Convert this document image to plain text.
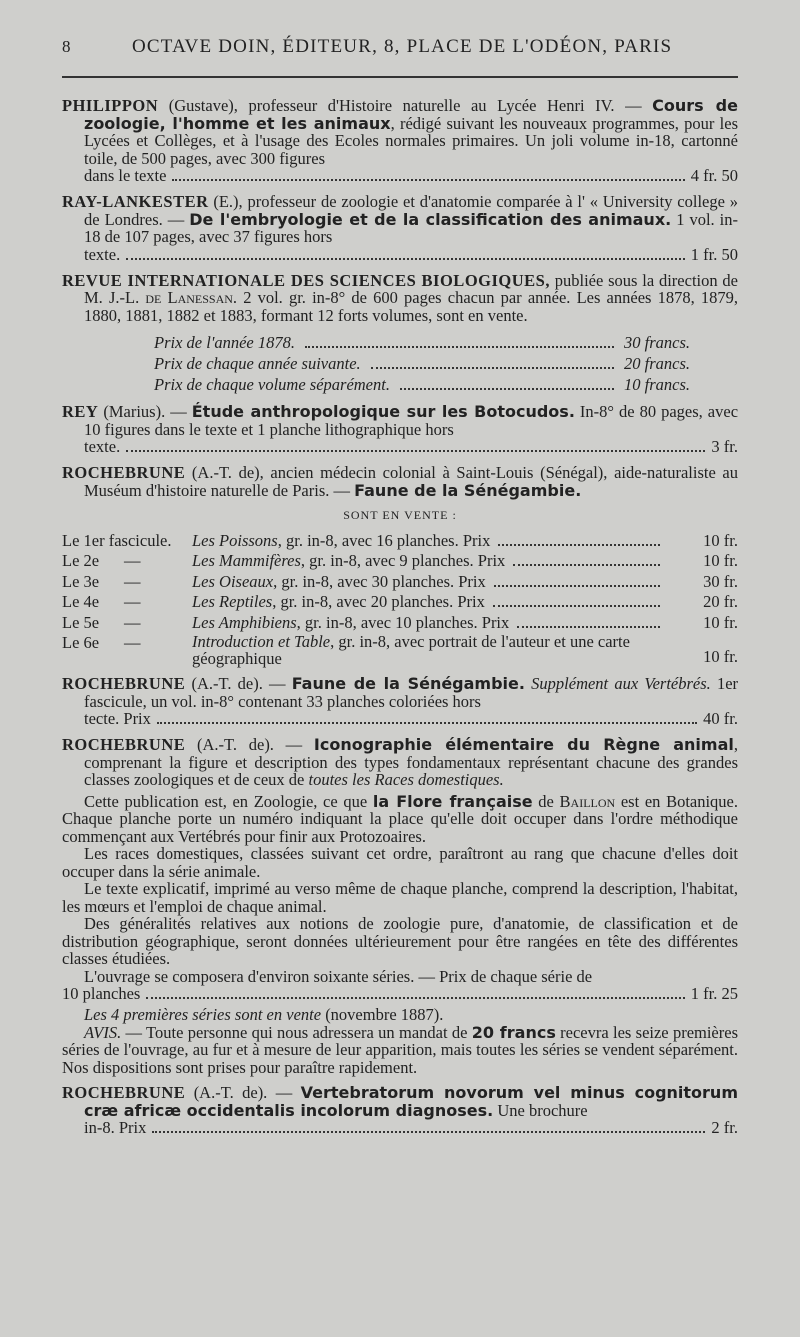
8	OCTAVE DOIN, ÉDITEUR, 8, PLACE DE L'ODÉON, PARIS
PHILIPPON (Gustave), professeur d'Histoire naturelle au Lycée Henri IV. — Cours de zoologie, l'homme et les animaux, rédigé suivant les nouveaux programmes, pour les Lycées et Collèges, et à l'usage des Ecoles normales primaires. Un joli volume in-18, cartonné toile, de 500 pages, avec 300 figures
dans le texte	4 fr. 50
RAY-LANKESTER (E.), professeur de zoologie et d'anatomie comparée à l' « University college » de Londres. — De l'embryologie et de la classification des animaux. 1 vol. in-18 de 107 pages, avec 37 figures hors
texte.	1 fr. 50
REVUE INTERNATIONALE DES SCIENCES BIOLOGIQUES, publiée sous la direction de M. J.-L. de Lanessan. 2 vol. gr. in-8° de 600 pages chacun par année. Les années 1878, 1879, 1880, 1881, 1882 et 1883, formant 12 forts volumes, sont en vente.
Prix de l'année 1878.	30 francs.
Prix de chaque année suivante.	20 francs.
Prix de chaque volume séparément.	10 francs.
REY (Marius). — Étude anthropologique sur les Botocudos. In-8° de 80 pages, avec 10 figures dans le texte et 1 planche lithographique hors
texte.	3 fr.
ROCHEBRUNE (A.-T. de), ancien médecin colonial à Saint-Louis (Sénégal), aide-naturaliste au Muséum d'histoire naturelle de Paris. — Faune de la Sénégambie.
SONT EN VENTE :
Le 1er fascicule.	Les Poissons, gr. in-8, avec 16 planches. Prix	10 fr.
Le 2e	—	Les Mammifères, gr. in-8, avec 9 planches. Prix	10 fr.
Le 3e	—	Les Oiseaux, gr. in-8, avec 30 planches. Prix	30 fr.
Le 4e	—	Les Reptiles, gr. in-8, avec 20 planches. Prix	20 fr.
Le 5e	—	Les Amphibiens, gr. in-8, avec 10 planches. Prix	10 fr.
Le 6e	—	Introduction et Table, gr. in-8, avec portrait de l'auteur et une carte géographique	10 fr.
ROCHEBRUNE (A.-T. de). — Faune de la Sénégambie. Supplément aux Vertébrés. 1er fascicule, un vol. in-8° contenant 33 planches coloriées hors
tecte. Prix	40 fr.
ROCHEBRUNE (A.-T. de). — Iconographie élémentaire du Règne animal, comprenant la figure et description des types fondamentaux représentant chacune des grandes classes zoologiques et de ceux de toutes les Races domestiques.
Cette publication est, en Zoologie, ce que la Flore française de Baillon est en Botanique. Chaque planche porte un numéro indiquant la place qu'elle doit occuper dans l'ordre méthodique commençant aux Vertébrés pour finir aux Protozoaires.
Les races domestiques, classées suivant cet ordre, paraîtront au rang que chacune d'elles doit occuper dans la série animale.
Le texte explicatif, imprimé au verso même de chaque planche, comprend la description, l'habitat, les mœurs et l'emploi de chaque animal.
Des généralités relatives aux notions de zoologie pure, d'anatomie, de classification et de distribution géographique, seront données ultérieurement pour être rangées en tête des différentes classes étudiées.
L'ouvrage se composera d'environ soixante séries. — Prix de chaque série de
10 planches	1 fr. 25
Les 4 premières séries sont en vente (novembre 1887).
AVIS. — Toute personne qui nous adressera un mandat de 20 francs recevra les seize premières séries de l'ouvrage, au fur et à mesure de leur apparition, mais toutes les séries se vendent séparément. Nos dispositions sont prises pour paraître rapidement.
ROCHEBRUNE (A.-T. de). — Vertebratorum novorum vel minus cognitorum cræ africæ occidentalis incolorum diagnoses. Une brochure
in-8. Prix	2 fr.
